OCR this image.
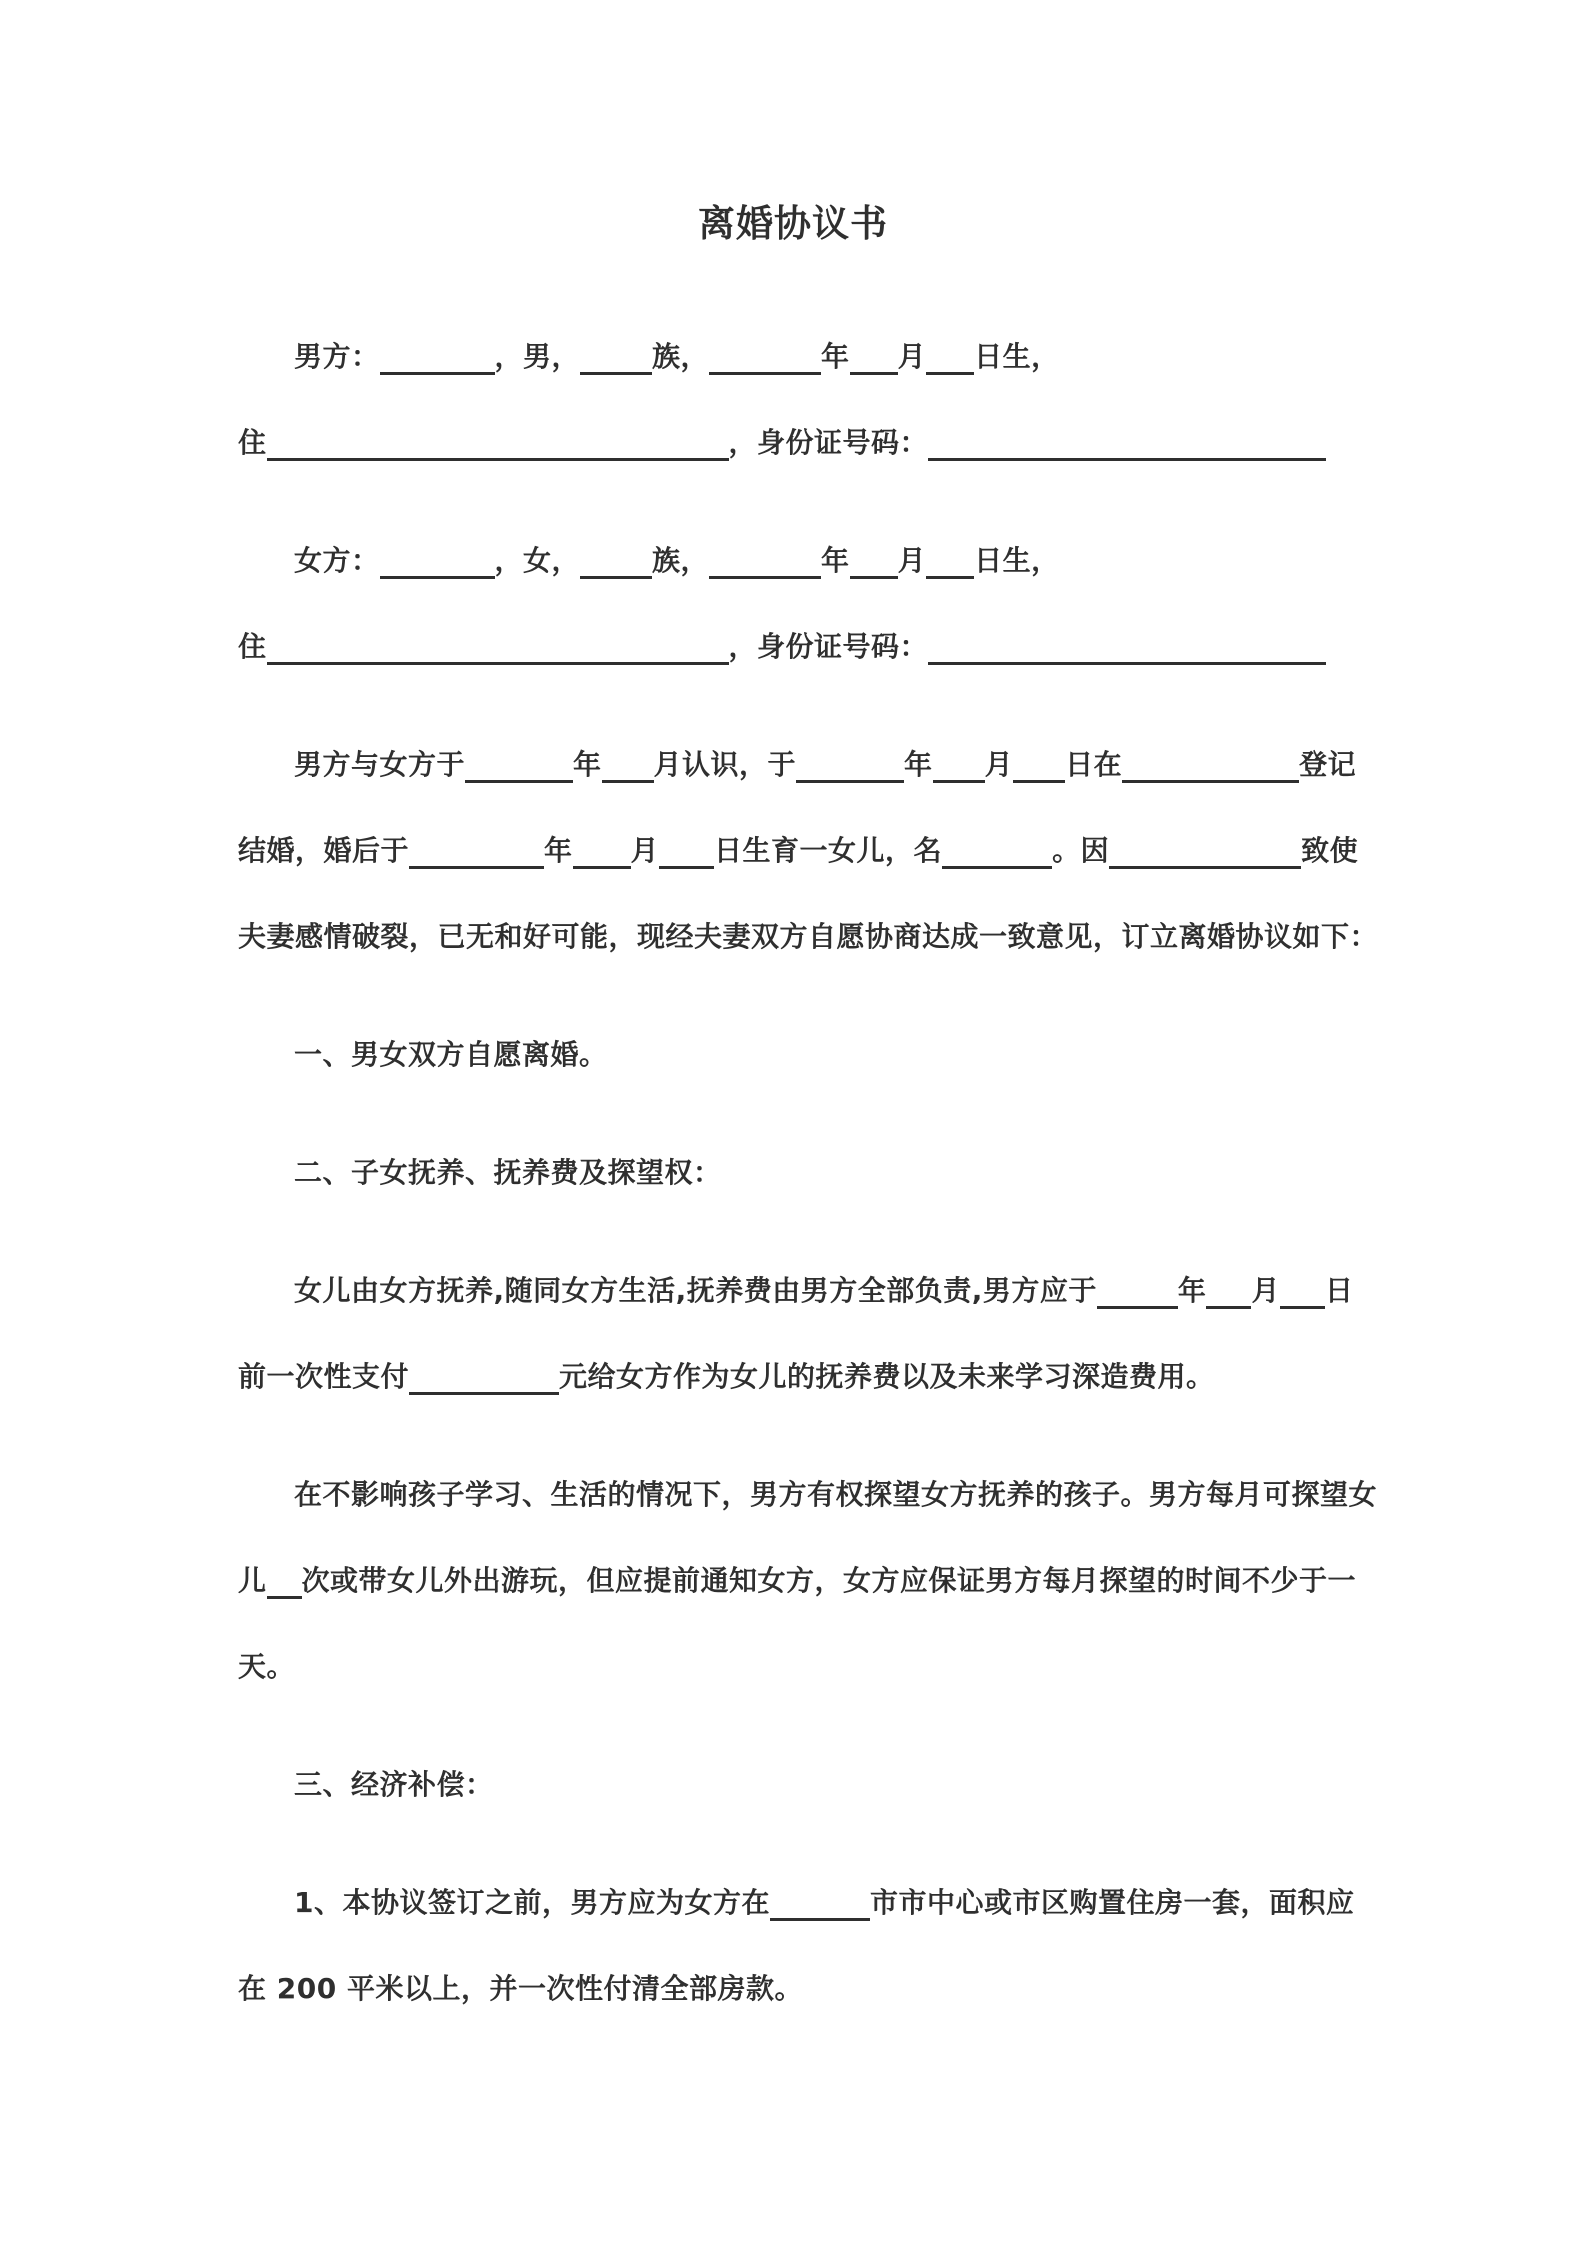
离婚协议书
男方：	，男，	族，	年 月 日生，
住	，身份证号码：
女方：	，女，	族，	年 月 日生，
住	，身份证号码：
男方与女方于	年 月认识，于	年 月 日在	登记
结婚，婚后于	年 月 日生育一女儿，名	。因	致使
夫妻感情破裂，已无和好可能，现经夫妻双方自愿协商达成一致意见，订立离婚协议如下：
一、男女双方自愿离婚。
二、子女抚养、抚养费及探望权：
女儿由女方抚养,随同女方生活,抚养费由男方全部负责,男方应于	年 月 日
前一次性支付	元给女方作为女儿的抚养费以及未来学习深造费用。
在不影响孩子学习、生活的情况下，男方有权探望女方抚养的孩子。男方每月可探望女
儿 次或带女儿外出游玩，但应提前通知女方，女方应保证男方每月探望的时间不少于一
天。
三、经济补偿：
1、本协议签订之前，男方应为女方在	市市中心或市区购置住房一套，面积应
在 200 平米以上，并一次性付清全部房款。
